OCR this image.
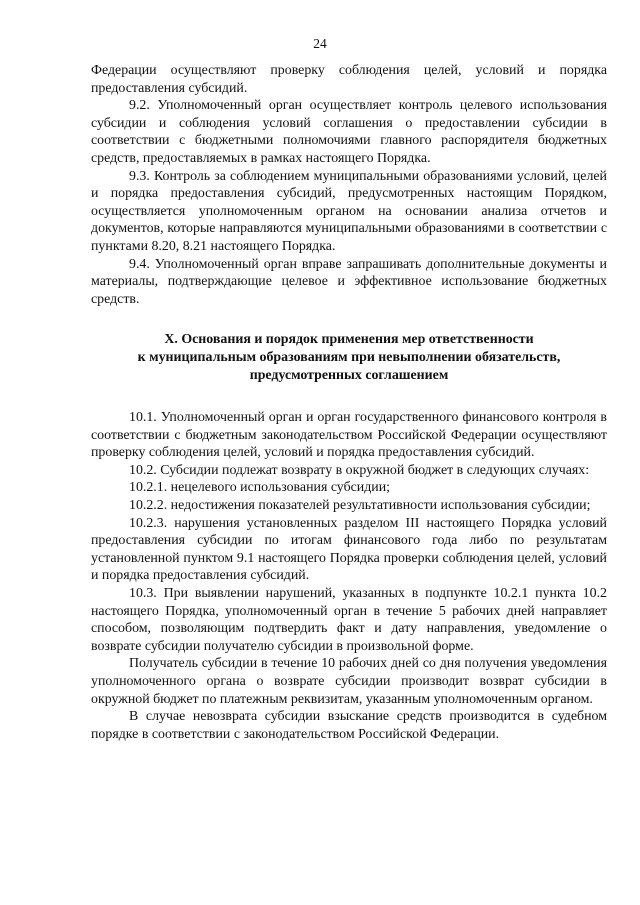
24

Федерации осуществляют проверку соблюдения целей, условий и порядка предоставления субсидий.

9.2. Уполномоченный орган осуществляет контроль целевого использования субсидии и соблюдения условий соглашения о предоставлении субсидии в соответствии с бюджетными полномочиями главного распорядителя бюджетных средств, предоставляемых в рамках настоящего Порядка.

9.3. Контроль за соблюдением муниципальными образованиями условий, целей и порядка предоставления субсидий, предусмотренных настоящим Порядком, осуществляется уполномоченным органом на основании анализа отчетов и документов, которые направляются муниципальными образованиями в соответствии с пунктами 8.20, 8.21 настоящего Порядка.

9.4. Уполномоченный орган вправе запрашивать дополнительные документы и материалы, подтверждающие целевое и эффективное использование бюджетных средств.

X. Основания и порядок применения мер ответственности
к муниципальным образованиям при невыполнении обязательств,
предусмотренных соглашением

10.1. Уполномоченный орган и орган государственного финансового контроля в соответствии с бюджетным законодательством Российской Федерации осуществляют проверку соблюдения целей, условий и порядка предоставления субсидий.

10.2. Субсидии подлежат возврату в окружной бюджет в следующих случаях:

10.2.1. нецелевого использования субсидии;

10.2.2. недостижения показателей результативности использования субсидии;

10.2.3. нарушения установленных разделом III настоящего Порядка условий предоставления субсидии по итогам финансового года либо по результатам установленной пунктом 9.1 настоящего Порядка проверки соблюдения целей, условий и порядка предоставления субсидий.

10.3. При выявлении нарушений, указанных в подпункте 10.2.1 пункта 10.2 настоящего Порядка, уполномоченный орган в течение 5 рабочих дней направляет способом, позволяющим подтвердить факт и дату направления, уведомление о возврате субсидии получателю субсидии в произвольной форме.

Получатель субсидии в течение 10 рабочих дней со дня получения уведомления уполномоченного органа о возврате субсидии производит возврат субсидии в окружной бюджет по платежным реквизитам, указанным уполномоченным органом.

В случае невозврата субсидии взыскание средств производится в судебном порядке в соответствии с законодательством Российской Федерации.
